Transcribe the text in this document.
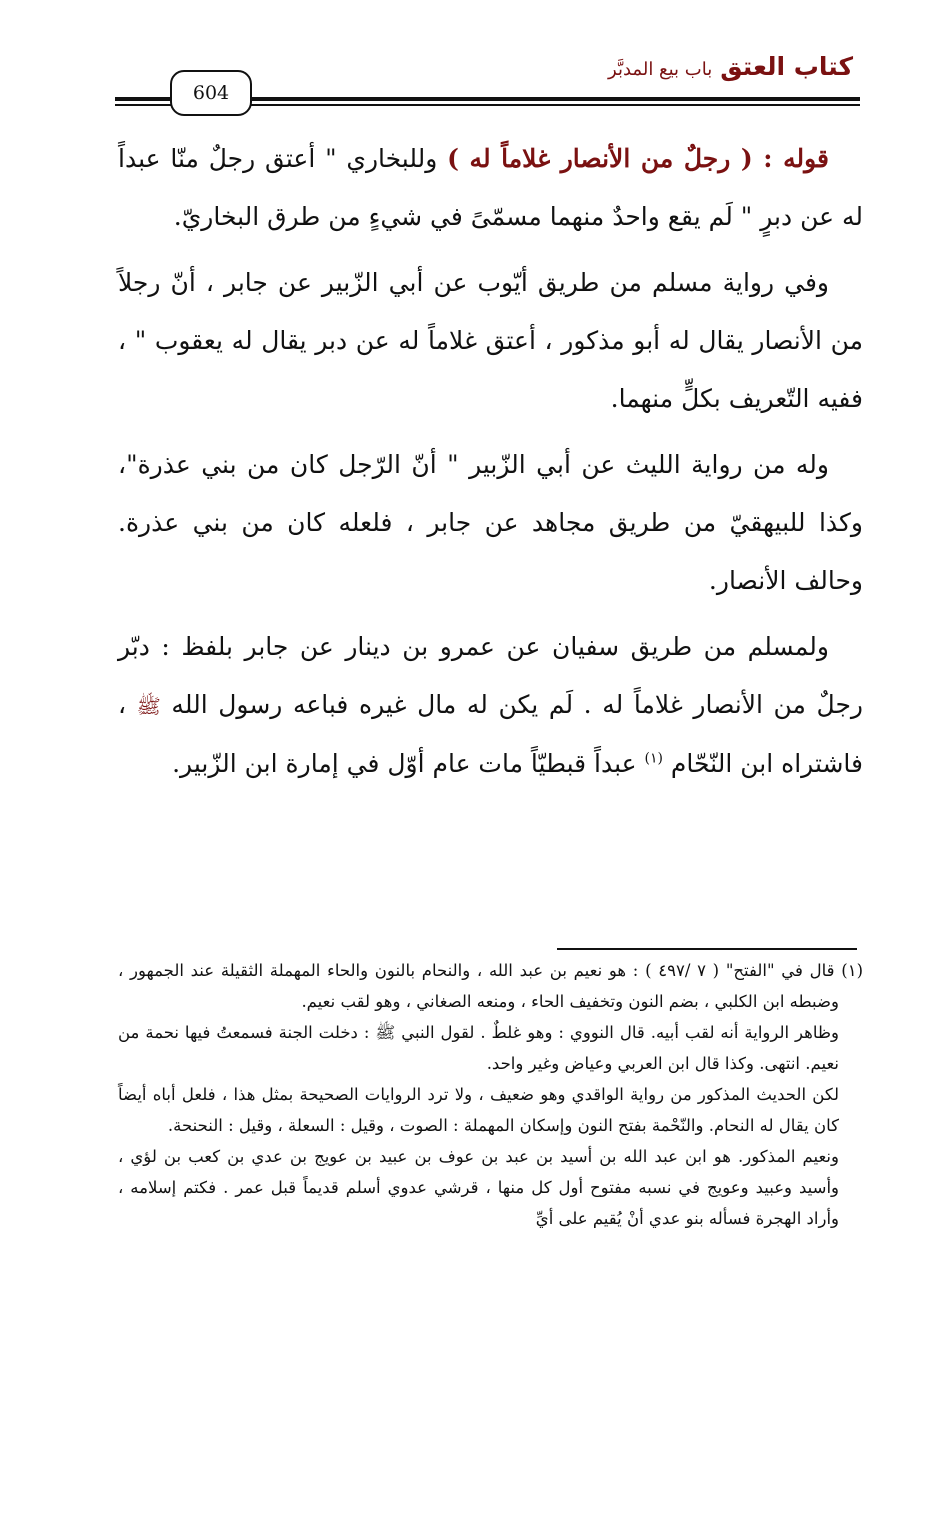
كتاب العتق
باب بيع المدبَّر
604

قوله : ( رجلٌ من الأنصار غلاماً له ) وللبخاري " أعتق رجلٌ منّا عبداً له عن دبرٍ " لَم يقع واحدٌ منهما مسمّىً في شيءٍ من طرق البخاريّ.

وفي رواية مسلم من طريق أيّوب عن أبي الزّبير عن جابر ، أنّ رجلاً من الأنصار يقال له أبو مذكور ، أعتق غلاماً له عن دبر يقال له يعقوب " ، ففيه التّعريف بكلٍّ منهما.

وله من رواية الليث عن أبي الزّبير " أنّ الرّجل كان من بني عذرة"، وكذا للبيهقيّ من طريق مجاهد عن جابر ، فلعله كان من بني عذرة. وحالف الأنصار.

ولمسلم من طريق سفيان عن عمرو بن دينار عن جابر بلفظ : دبّر رجلٌ من الأنصار غلاماً له . لَم يكن له مال غيره فباعه رسول الله ﷺ ، فاشتراه ابن النّحّام $^{(١)}$ عبداً قبطيّاً مات عام أوّل في إمارة ابن الزّبير.

(١) قال في "الفتح" ( ٧ /٤٩٧ ) : هو نعيم بن عبد الله ، والنحام بالنون والحاء المهملة الثقيلة عند الجمهور ، وضبطه ابن الكلبي ، بضم النون وتخفيف الحاء ، ومنعه الصغاني ، وهو لقب نعيم.

وظاهر الرواية أنه لقب أبيه. قال النووي : وهو غلطٌ . لقول النبي ﷺ : دخلت الجنة فسمعتُ فيها نحمة من نعيم. انتهى. وكذا قال ابن العربي وعياض وغير واحد.

لكن الحديث المذكور من رواية الواقدي وهو ضعيف ، ولا ترد الروايات الصحيحة بمثل هذا ، فلعل أباه أيضاً كان يقال له النحام. والنّحْمة بفتح النون وإسكان المهملة : الصوت ، وقيل : السعلة ، وقيل : النحنحة.

ونعيم المذكور. هو ابن عبد الله بن أسيد بن عبد بن عوف بن عبيد بن عويج بن عدي بن كعب بن لؤي ، وأسيد وعبيد وعويج في نسبه مفتوح أول كل منها ، قرشي عدوي أسلم قديماً قبل عمر . فكتم إسلامه ، وأراد الهجرة فسأله بنو عدي أنْ يُقيم على أيِّ
